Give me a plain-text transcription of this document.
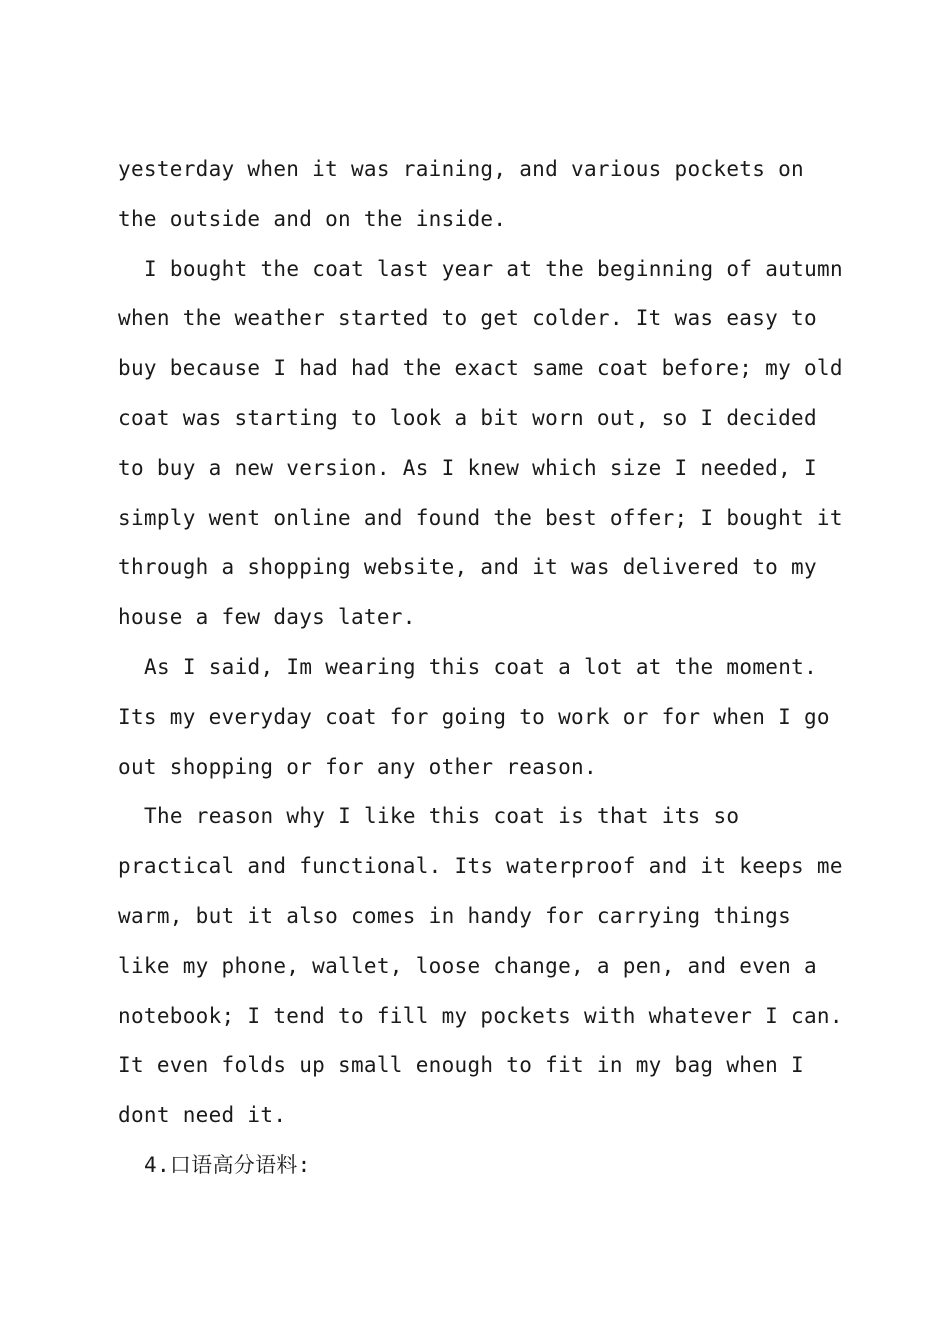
yesterday when it was raining, and various pockets on
the outside and on the inside.
I bought the coat last year at the beginning of autumn
when the weather started to get colder. It was easy to
buy because I had had the exact same coat before; my old
coat was starting to look a bit worn out, so I decided
to buy a new version. As I knew which size I needed, I
simply went online and found the best offer; I bought it
through a shopping website, and it was delivered to my
house a few days later.
As I said, Im wearing this coat a lot at the moment.
Its my everyday coat for going to work or for when I go
out shopping or for any other reason.
The reason why I like this coat is that its so
practical and functional. Its waterproof and it keeps me
warm, but it also comes in handy for carrying things
like my phone, wallet, loose change, a pen, and even a
notebook; I tend to fill my pockets with whatever I can.
It even folds up small enough to fit in my bag when I
dont need it.
4.口语高分语料:
